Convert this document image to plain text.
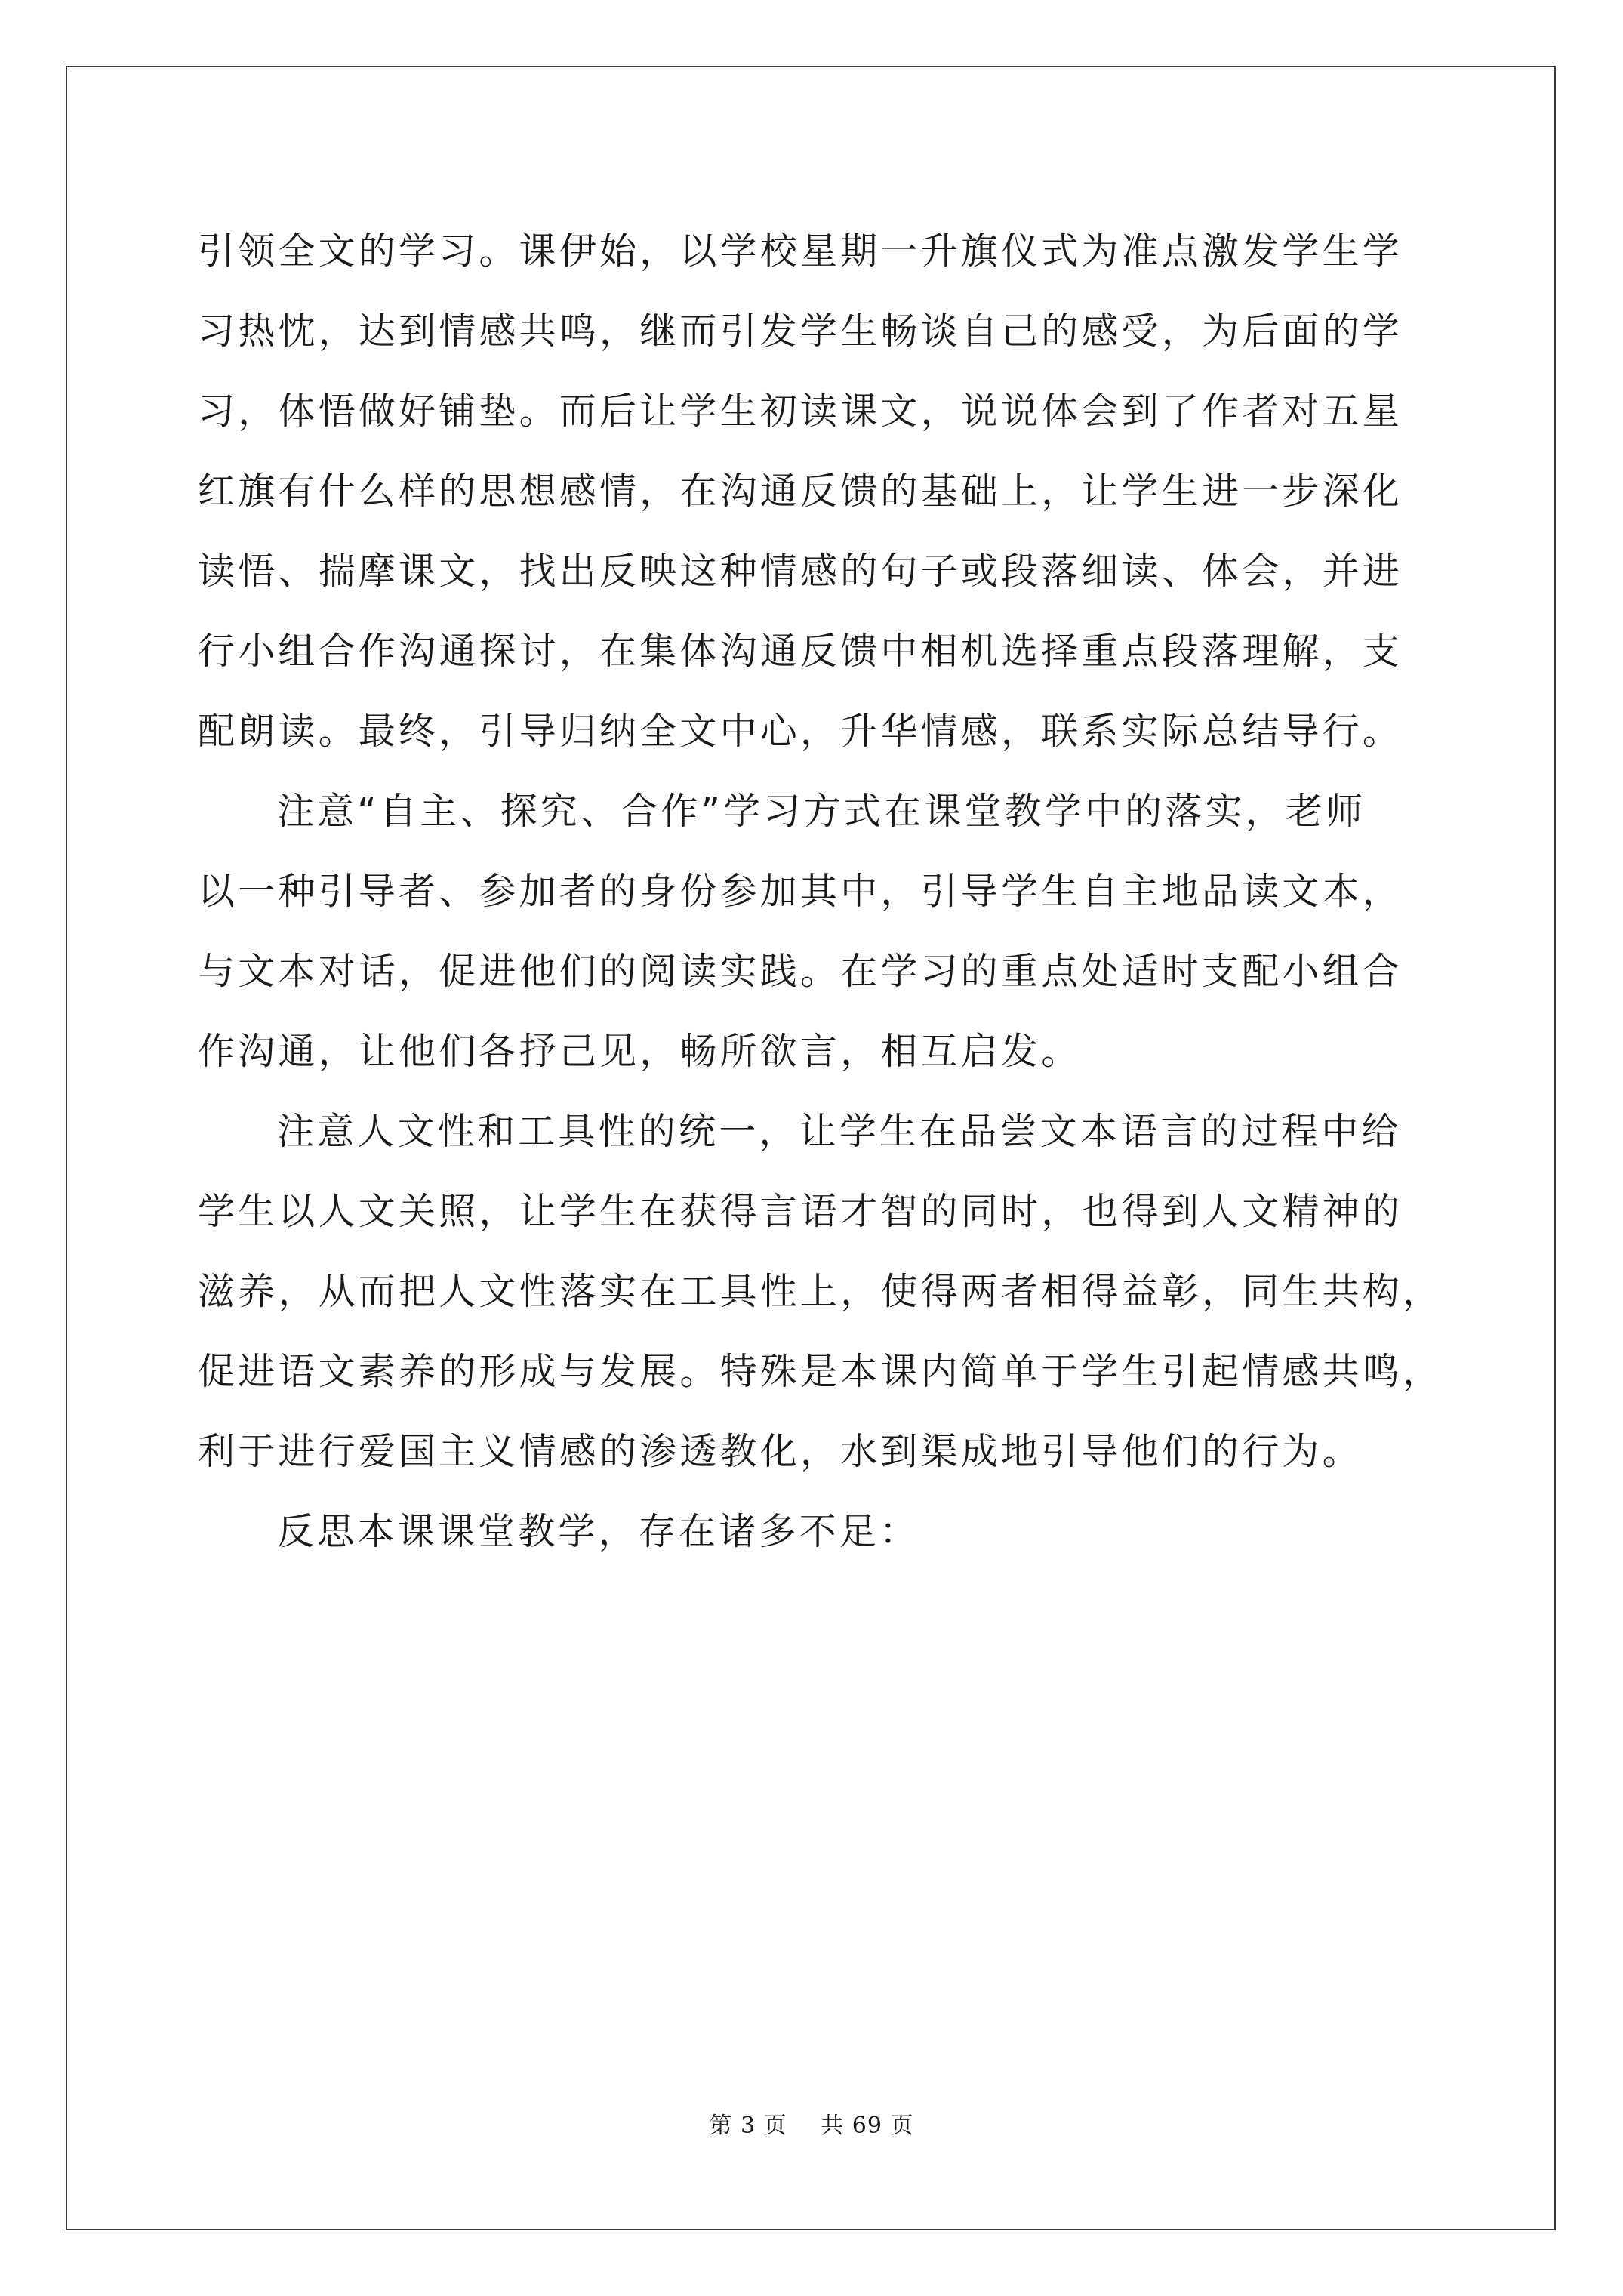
引领全文的学习。课伊始，以学校星期一升旗仪式为准点激发学生学
习热忱，达到情感共鸣，继而引发学生畅谈自己的感受，为后面的学
习，体悟做好铺垫。而后让学生初读课文，说说体会到了作者对五星
红旗有什么样的思想感情，在沟通反馈的基础上，让学生进一步深化
读悟、揣摩课文，找出反映这种情感的句子或段落细读、体会，并进
行小组合作沟通探讨，在集体沟通反馈中相机选择重点段落理解，支
配朗读。最终，引导归纳全文中心，升华情感，联系实际总结导行。
注意“自主、探究、合作”学习方式在课堂教学中的落实，老师
以一种引导者、参加者的身份参加其中，引导学生自主地品读文本，
与文本对话，促进他们的阅读实践。在学习的重点处适时支配小组合
作沟通，让他们各抒己见，畅所欲言，相互启发。
注意人文性和工具性的统一，让学生在品尝文本语言的过程中给
学生以人文关照，让学生在获得言语才智的同时，也得到人文精神的
滋养，从而把人文性落实在工具性上，使得两者相得益彰，同生共构，
促进语文素养的形成与发展。特殊是本课内简单于学生引起情感共鸣，
利于进行爱国主义情感的渗透教化，水到渠成地引导他们的行为。
反思本课课堂教学，存在诸多不足：
第 3 页 共 69 页
